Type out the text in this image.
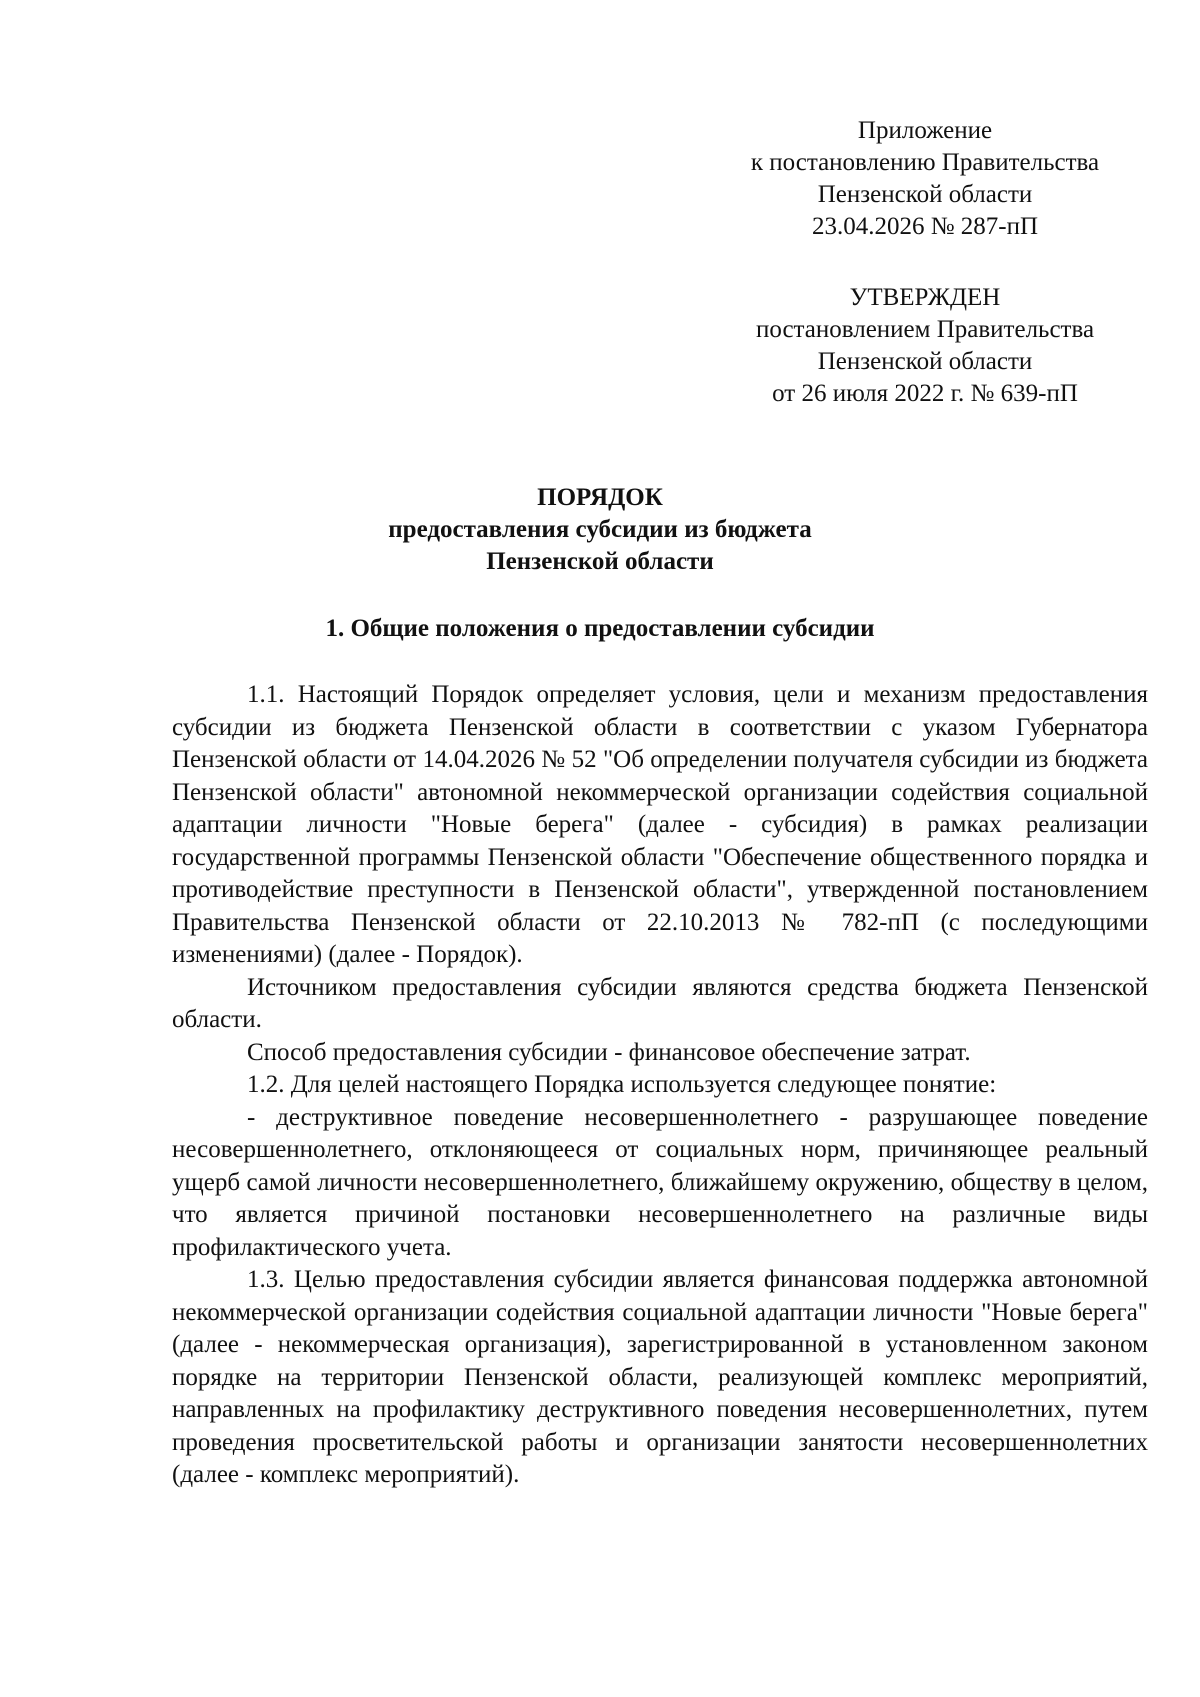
Приложение
к постановлению Правительства
Пензенской области
23.04.2026 № 287-пП
УТВЕРЖДЕН
постановлением Правительства
Пензенской области
от 26 июля 2022 г. № 639-пП
ПОРЯДОК
предоставления субсидии из бюджета
Пензенской области
1. Общие положения о предоставлении субсидии

1.1. Настоящий Порядок определяет условия, цели и механизм предоставления субсидии из бюджета Пензенской области в соответствии с указом Губернатора Пензенской области от 14.04.2026 № 52 "Об определении получателя субсидии из бюджета Пензенской области" автономной некоммерческой организации содействия социальной адаптации личности "Новые берега" (далее - субсидия) в рамках реализации государственной программы Пензенской области "Обеспечение общественного порядка и противодействие преступности в Пензенской области", утвержденной постановлением Правительства Пензенской области от 22.10.2013 № 782-пП (с последующими изменениями) (далее - Порядок).

Источником предоставления субсидии являются средства бюджета Пензенской области.

Способ предоставления субсидии - финансовое обеспечение затрат.

1.2. Для целей настоящего Порядка используется следующее понятие:

- деструктивное поведение несовершеннолетнего - разрушающее поведение несовершеннолетнего, отклоняющееся от социальных норм, причиняющее реальный ущерб самой личности несовершеннолетнего, ближайшему окружению, обществу в целом, что является причиной постановки несовершеннолетнего на различные виды профилактического учета.

1.3. Целью предоставления субсидии является финансовая поддержка автономной некоммерческой организации содействия социальной адаптации личности "Новые берега" (далее - некоммерческая организация), зарегистрированной в установленном законом порядке на территории Пензенской области, реализующей комплекс мероприятий, направленных на профилактику деструктивного поведения несовершеннолетних, путем проведения просветительской работы и организации занятости несовершеннолетних (далее - комплекс мероприятий).
